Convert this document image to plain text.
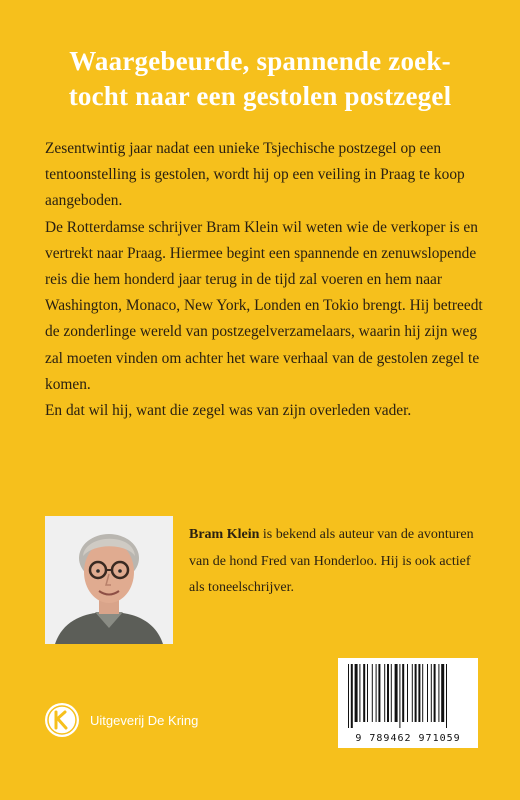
Waargebeurde, spannende zoek-
tocht naar een gestolen postzegel

Zesentwintig jaar nadat een unieke Tsjechische postzegel op een tentoonstelling is gestolen, wordt hij op een veiling in Praag te koop aangeboden.

De Rotterdamse schrijver Bram Klein wil weten wie de verkoper is en vertrekt naar Praag. Hiermee begint een spannende en zenuwslopende reis die hem honderd jaar terug in de tijd zal voeren en hem naar Washington, Monaco, New York, Londen en Tokio brengt. Hij betreedt de zonderlinge wereld van postzegelverzamelaars, waarin hij zijn weg zal moeten vinden om achter het ware verhaal van de gestolen zegel te komen.

En dat wil hij, want die zegel was van zijn overleden vader.

Bram Klein is bekend als auteur van de avonturen van de hond Fred van Honderloo. Hij is ook actief als toneelschrijver.
Uitgeverij De Kring
9 789462 971059
